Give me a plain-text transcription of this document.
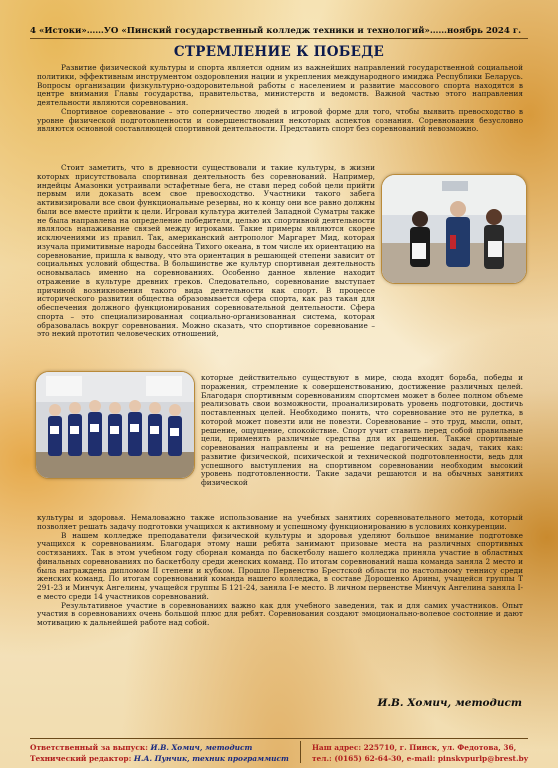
4 «Истоки»……УО «Пинский государственный колледж техники и технологий»……ноябрь 2024 г.
СТРЕМЛЕНИЕ К ПОБЕДЕ

Развитие физической культуры и спорта является одним из важнейших направлений государственной социальной политики, эффективным инструментом оздоровления нации и укрепления международного имиджа Республики Беларусь. Вопросы организации физкультурно-оздоровительной работы с населением и развитие массового спорта находятся в центре внимания Главы государства, правительства, министерств и ведомств. Важной частью этого направления деятельности являются соревнования.

Спортивное соревнование – это соперничество людей в игровой форме для того, чтобы выявить превосходство в уровне физической подготовленности и совершенствования некоторых аспектов сознания. Соревнования безусловно являются основной составляющей спортивной деятельности. Представить спорт без соревнований невозможно.

Стоит заметить, что в древности существовали и такие культуры, в жизни которых присутствовала спортивная деятельность без соревнований. Например, индейцы Амазонки устраивали эстафетные бега, не ставя перед собой цели прийти первым или доказать всем свое превосходство. Участники такого забега активизировали все свои функциональные резервы, но к концу они все равно должны были все вместе прийти к цели. Игровая культура жителей Западной Суматры также не была направлена на определение победителя, целью их спортивной деятельности являлось напаживание связей между игроками. Такие примеры являются скорее исключениями из правил. Так, американский антрополог Маргарет Мид, которая изучала примитивные народы бассейна Тихого океана, в том числе их ориентацию на соревнование, пришла к выводу, что эта ориентация в решающей степени зависит от социальных условий общества. В большинстве же культур спортивная деятельность основывалась именно на соревнованиях. Особенно данное явление находит отражение в культуре древних греков. Следовательно, соревнование выступает причиной возникновения такого вида деятельности как спорт. В процессе исторического развития общества образовывается сфера спорта, как раз такая для обеспечения должного функционирования соревновательной деятельности. Сфера спорта – это специализированная социально-организованная система, которая образовалась вокруг соревнования. Можно сказать, что спортивное соревнование – это некий прототип человеческих отношений,

которые действительно существуют в мире, сюда входят борьба, победы и поражения, стремление к совершенствованию, достижение различных целей. Благодаря спортивным соревнованиям спортсмен может в более полном объеме реализовать свои возможности, проанализировать уровень подготовки, достичь поставленных целей. Необходимо понять, что соревнование это не рулетка, в которой может повезти или не повезти. Соревнование – это труд, мысли, опыт, решение, ощущение, спокойствие. Спорт учит ставить перед собой правильные цели, применять различные средства для их решения. Также спортивные соревнования направлены и на решение педагогических задач, таких как: развитие физической, психической и технической подготовленности, ведь для успешного выступления на спортивном соревновании необходим высокий уровень подготовленности. Такие задачи решаются и на обычных занятиях физической

культуры и здоровья. Немаловажно также использование на учебных занятиях соревновательного метода, который позволяет решать задачу подготовки учащихся к активному и успешному функционированию в условиях конкуренции.

В нашем колледже преподаватели физической культуры и здоровья уделяют большое внимание подготовке учащихся к соревнованиям. Благодаря этому наши ребята занимают призовые места на различных спортивных состязаниях. Так в этом учебном году сборная команда по баскетболу нашего колледжа приняла участие в областных финальных соревнованиях по баскетболу среди женских команд. По итогам соревнований наша команда заняла 2 место и была награждена дипломом II степени и кубком. Прошло Первенство Брестской области по настольному теннису среди женских команд. По итогам соревнований команда нашего колледжа, в составе Дорошенко Арины, учащейся группы Т 291-23 и Минчук Ангелины, учащейся группы Б 121-24, заняла I-е место. В личном первенстве Минчук Ангелина заняла I-е место среди 14 участников соревнований.

Результативное участие в соревнованиях важно как для учебного заведения, так и для самих участников. Опыт участия в соревнованиях очень большой плюс для ребят. Соревнования создают эмоционально-волевое состояние и дают мотивацию к дальнейшей работе над собой.

И.В. Хомич, методист
Ответственный за выпуск: И.В. Хомич, методист
Технический редактор: Н.А. Пунчик, техник программист
Наш адрес: 225710, г. Пинск, ул. Федотова, 36,
тел.: (0165) 62-64-30, e-mail: pinskvpurlp@brest.by
